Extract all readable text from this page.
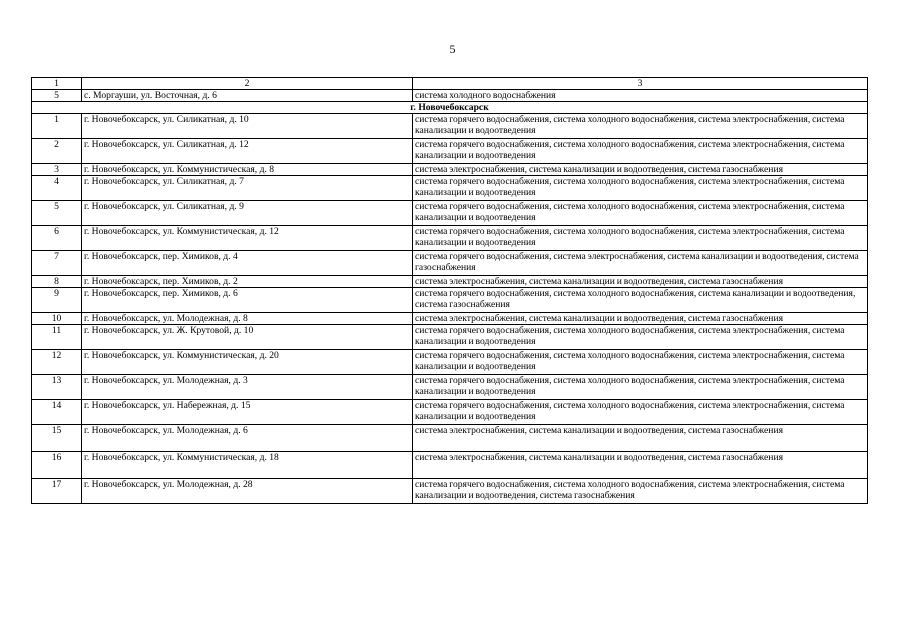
5
1	2	3
5	с. Моргауши, ул. Восточная, д. 6	система холодного водоснабжения
г. Новочебоксарск		
1	г. Новочебоксарск, ул. Силикатная, д. 10	система горячего водоснабжения, система холодного водоснабжения, система электроснабжения, система канализации и водоотведения
2	г. Новочебоксарск, ул. Силикатная, д. 12	система горячего водоснабжения, система холодного водоснабжения, система электроснабжения, система канализации и водоотведения
3	г. Новочебоксарск, ул. Коммунистическая, д. 8	система электроснабжения, система канализации и водоотведения, система газоснабжения
4	г. Новочебоксарск, ул. Силикатная, д. 7	система горячего водоснабжения, система холодного водоснабжения, система электроснабжения, система канализации и водоотведения
5	г. Новочебоксарск, ул. Силикатная, д. 9	система горячего водоснабжения, система холодного водоснабжения, система электроснабжения, система канализации и водоотведения
6	г. Новочебоксарск, ул. Коммунистическая, д. 12	система горячего водоснабжения, система холодного водоснабжения, система электроснабжения, система канализации и водоотведения
7	г. Новочебоксарск, пер. Химиков, д. 4	система горячего водоснабжения, система электроснабжения, система канализации и водоотведения, система газоснабжения
8	г. Новочебоксарск, пер. Химиков, д. 2	система электроснабжения, система канализации и водоотведения, система газоснабжения
9	г. Новочебоксарск, пер. Химиков, д. 6	система горячего водоснабжения, система холодного водоснабжения, система канализации и водоотведения, система газоснабжения
10	г. Новочебоксарск, ул. Молодежная, д. 8	система электроснабжения, система канализации и водоотведения, система газоснабжения
11	г. Новочебоксарск, ул. Ж. Крутовой, д. 10	система горячего водоснабжения, система холодного водоснабжения, система электроснабжения, система канализации и водоотведения
12	г. Новочебоксарск, ул. Коммунистическая, д. 20	система горячего водоснабжения, система холодного водоснабжения, система электроснабжения, система канализации и водоотведения
13	г. Новочебоксарск, ул. Молодежная, д. 3	система горячего водоснабжения, система холодного водоснабжения, система электроснабжения, система канализации и водоотведения
14	г. Новочебоксарск, ул. Набережная, д. 15	система горячего водоснабжения, система холодного водоснабжения, система электроснабжения, система канализации и водоотведения
15	г. Новочебоксарск, ул. Молодежная, д. 6	система электроснабжения, система канализации и водоотведения, система газоснабжения
16	г. Новочебоксарск, ул. Коммунистическая, д. 18	система электроснабжения, система канализации и водоотведения, система газоснабжения
17	г. Новочебоксарск, ул. Молодежная, д. 28	система горячего водоснабжения, система холодного водоснабжения, система электроснабжения, система канализации и водоотведения, система газоснабжения
